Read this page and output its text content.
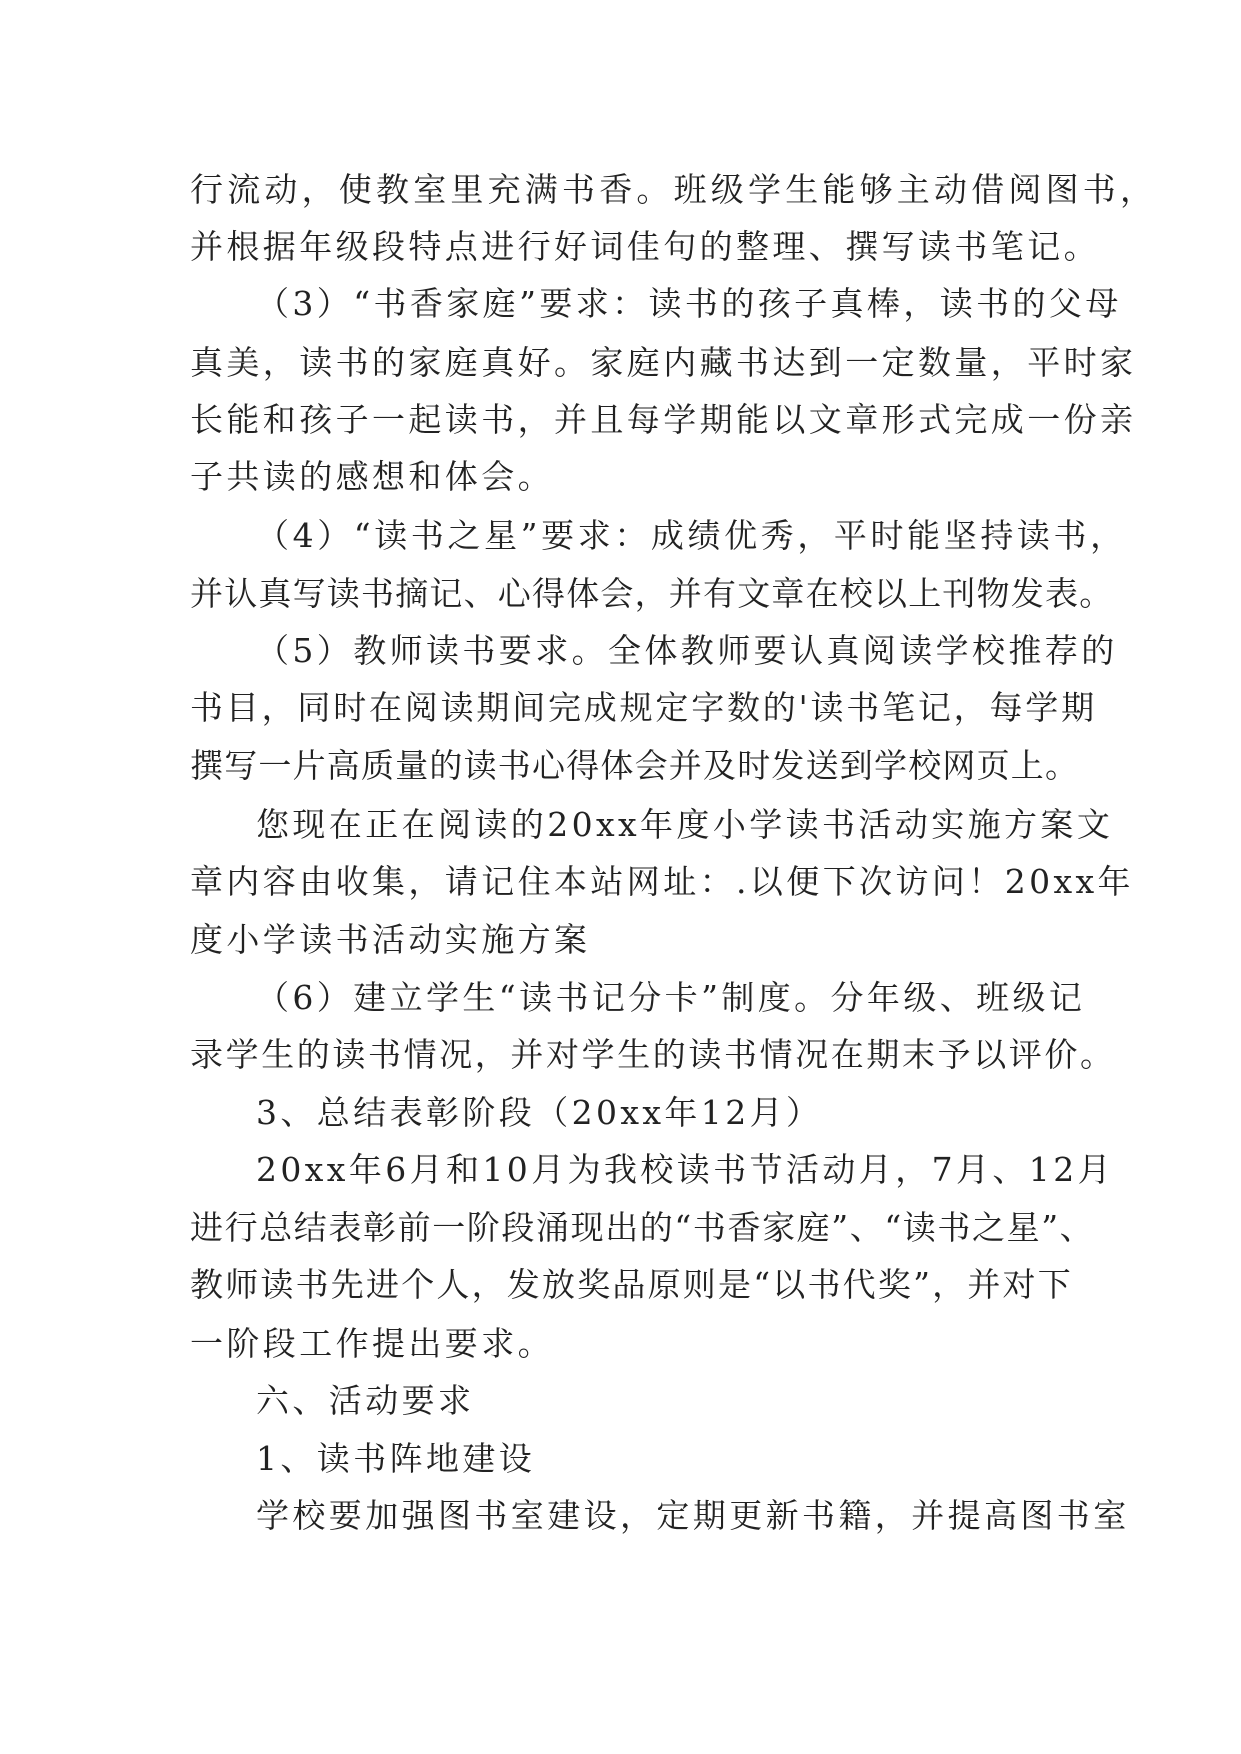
行流动，使教室里充满书香。班级学生能够主动借阅图书，
并根据年级段特点进行好词佳句的整理、撰写读书笔记。
（3）“书香家庭”要求：读书的孩子真棒，读书的父母
真美，读书的家庭真好。家庭内藏书达到一定数量，平时家
长能和孩子一起读书，并且每学期能以文章形式完成一份亲
子共读的感想和体会。
（4）“读书之星”要求：成绩优秀，平时能坚持读书，
并认真写读书摘记、心得体会，并有文章在校以上刊物发表。
（5）教师读书要求。全体教师要认真阅读学校推荐的
书目，同时在阅读期间完成规定字数的'读书笔记，每学期
撰写一片高质量的读书心得体会并及时发送到学校网页上。
您现在正在阅读的20xx年度小学读书活动实施方案文
章内容由收集，请记住本站网址：.以便下次访问！20xx年
度小学读书活动实施方案
（6）建立学生“读书记分卡”制度。分年级、班级记
录学生的读书情况，并对学生的读书情况在期末予以评价。
3、总结表彰阶段（20xx年12月）
20xx年6月和10月为我校读书节活动月，7月、12月
进行总结表彰前一阶段涌现出的“书香家庭”、“读书之星”、
教师读书先进个人，发放奖品原则是“以书代奖”，并对下
一阶段工作提出要求。
六、活动要求
1、读书阵地建设
学校要加强图书室建设，定期更新书籍，并提高图书室
